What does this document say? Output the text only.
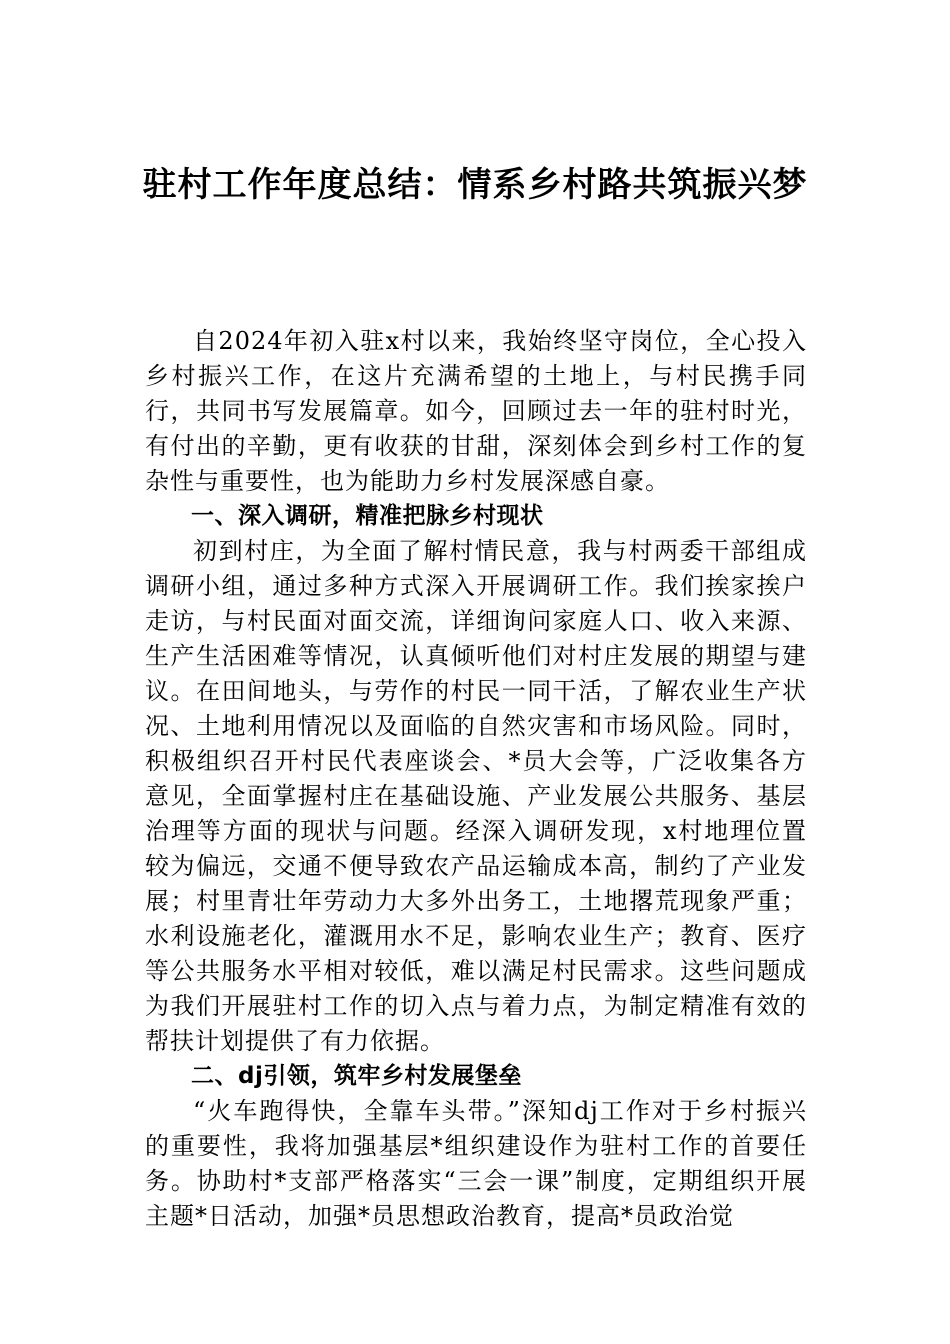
驻村工作年度总结：情系乡村路共筑振兴梦

自2024年初入驻x村以来，我始终坚守岗位，全心投入乡村振兴工作，在这片充满希望的土地上，与村民携手同行，共同书写发展篇章。如今，回顾过去一年的驻村时光，有付出的辛勤，更有收获的甘甜，深刻体会到乡村工作的复杂性与重要性，也为能助力乡村发展深感自豪。

一、深入调研，精准把脉乡村现状

初到村庄，为全面了解村情民意，我与村两委干部组成调研小组，通过多种方式深入开展调研工作。我们挨家挨户走访，与村民面对面交流，详细询问家庭人口、收入来源、生产生活困难等情况，认真倾听他们对村庄发展的期望与建议。在田间地头，与劳作的村民一同干活，了解农业生产状况、土地利用情况以及面临的自然灾害和市场风险。同时，积极组织召开村民代表座谈会、*员大会等，广泛收集各方意见，全面掌握村庄在基础设施、产业发展公共服务、基层治理等方面的现状与问题。经深入调研发现，x村地理位置较为偏远，交通不便导致农产品运输成本高，制约了产业发展；村里青壮年劳动力大多外出务工，土地撂荒现象严重；水利设施老化，灌溉用水不足，影响农业生产；教育、医疗等公共服务水平相对较低，难以满足村民需求。这些问题成为我们开展驻村工作的切入点与着力点，为制定精准有效的帮扶计划提供了有力依据。

二、dj引领，筑牢乡村发展堡垒

“火车跑得快，全靠车头带。”深知dj工作对于乡村振兴的重要性，我将加强基层*组织建设作为驻村工作的首要任务。协助村*支部严格落实“三会一课”制度，定期组织开展主题*日活动，加强*员思想政治教育，提高*员政治觉
